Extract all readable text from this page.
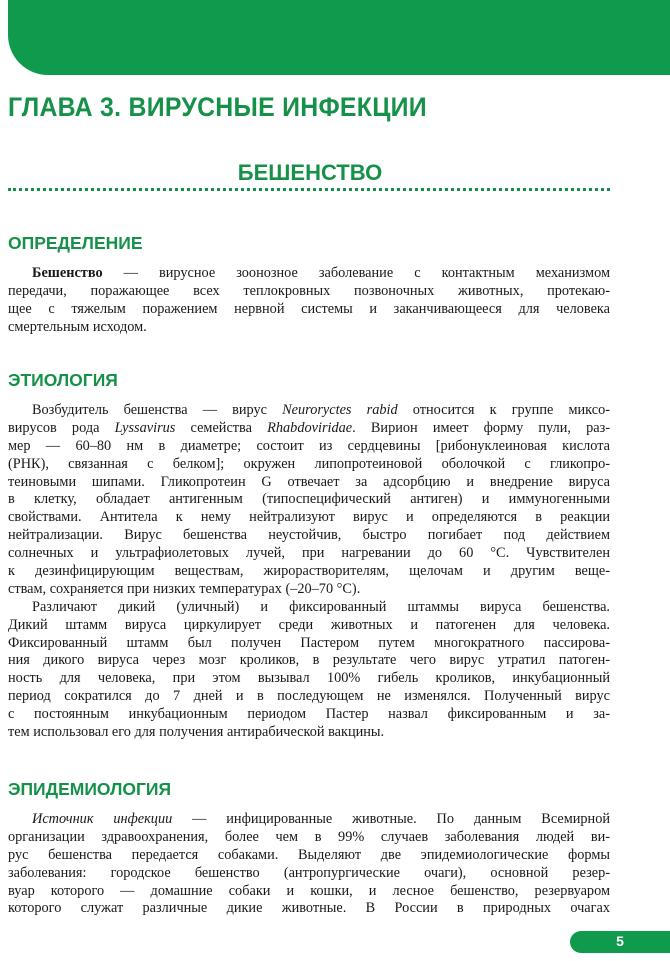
ГЛАВА 3. ВИРУСНЫЕ ИНФЕКЦИИ
БЕШЕНСТВО
ОПРЕДЕЛЕНИЕ
Бешенство — вирусное зоонозное заболевание с контактным механизмом
передачи, поражающее всех теплокровных позвоночных животных, протекаю-
щее с тяжелым поражением нервной системы и заканчивающееся для человека
смертельным исходом.
ЭТИОЛОГИЯ
Возбудитель бешенства — вирус Neuroryctes rabid относится к группе миксо-
вирусов рода Lyssavirus семейства Rhabdoviridae. Вирион имеет форму пули, раз-
мер — 60–80 нм в диаметре; состоит из сердцевины [рибонуклеиновая кислота
(РНК), связанная с белком]; окружен липопротеиновой оболочкой с гликопро-
теиновыми шипами. Гликопротеин G отвечает за адсорбцию и внедрение вируса
в клетку, обладает антигенным (типоспецифический антиген) и иммуногенными
свойствами. Антитела к нему нейтрализуют вирус и определяются в реакции
нейтрализации. Вирус бешенства неустойчив, быстро погибает под действием
солнечных и ультрафиолетовых лучей, при нагревании до 60 °C. Чувствителен
к дезинфицирующим веществам, жирорастворителям, щелочам и другим веще-
ствам, сохраняется при низких температурах (–20–70 °C).
Различают дикий (уличный) и фиксированный штаммы вируса бешенства.
Дикий штамм вируса циркулирует среди животных и патогенен для человека.
Фиксированный штамм был получен Пастером путем многократного пассирова-
ния дикого вируса через мозг кроликов, в результате чего вирус утратил патоген-
ность для человека, при этом вызывал 100% гибель кроликов, инкубационный
период сократился до 7 дней и в последующем не изменялся. Полученный вирус
с постоянным инкубационным периодом Пастер назвал фиксированным и за-
тем использовал его для получения антирабической вакцины.
ЭПИДЕМИОЛОГИЯ
Источник инфекции — инфицированные животные. По данным Всемирной
организации здравоохранения, более чем в 99% случаев заболевания людей ви-
рус бешенства передается собаками. Выделяют две эпидемиологические формы
заболевания: городское бешенство (антропургические очаги), основной резер-
вуар которого — домашние собаки и кошки, и лесное бешенство, резервуаром
которого служат различные дикие животные. В России в природных очагах
5
